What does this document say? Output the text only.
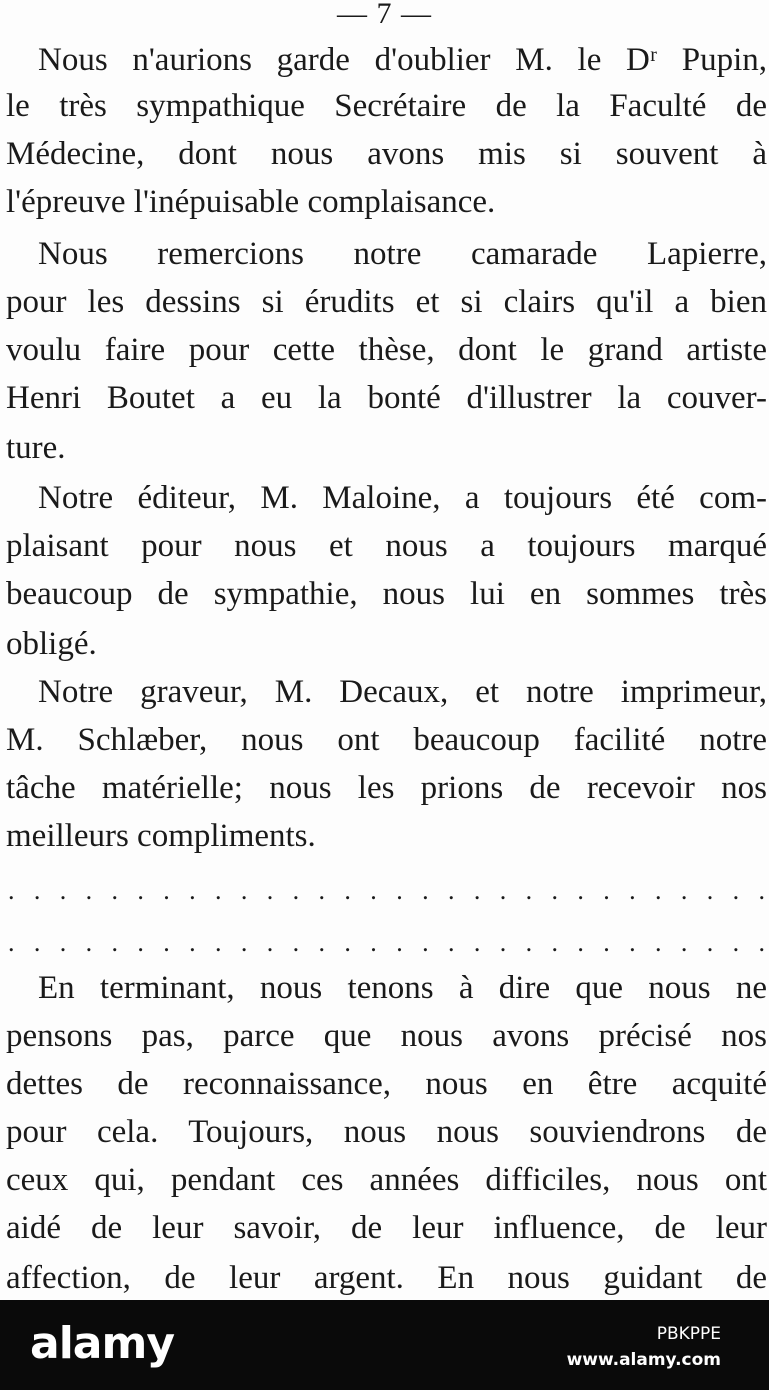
— 7 —
Nous n'aurions garde d'oublier M. le Dʳ Pupin,
le très sympathique Secrétaire de la Faculté de
Médecine, dont nous avons mis si souvent à
l'épreuve l'inépuisable complaisance.
Nous remercions notre camarade Lapierre,
pour les dessins si érudits et si clairs qu'il a bien
voulu faire pour cette thèse, dont le grand artiste
Henri Boutet a eu la bonté d'illustrer la couver-
ture.
Notre éditeur, M. Maloine, a toujours été com-
plaisant pour nous et nous a toujours marqué
beaucoup de sympathie, nous lui en sommes très
obligé.
Notre graveur, M. Decaux, et notre imprimeur,
M. Schlæber, nous ont beaucoup facilité notre
tâche matérielle; nous les prions de recevoir nos
meilleurs compliments.
. . . . . . . . . . . . . . . . . . . . . . . . . . . . . .
. . . . . . . . . . . . . . . . . . . . . . . . . . . . . .
En terminant, nous tenons à dire que nous ne
pensons pas, parce que nous avons précisé nos
dettes de reconnaissance, nous en être acquité
pour cela. Toujours, nous nous souviendrons de
ceux qui, pendant ces années difficiles, nous ont
aidé de leur savoir, de leur influence, de leur
affection, de leur argent. En nous guidant de
alamy	PBKPPE
www.alamy.com
